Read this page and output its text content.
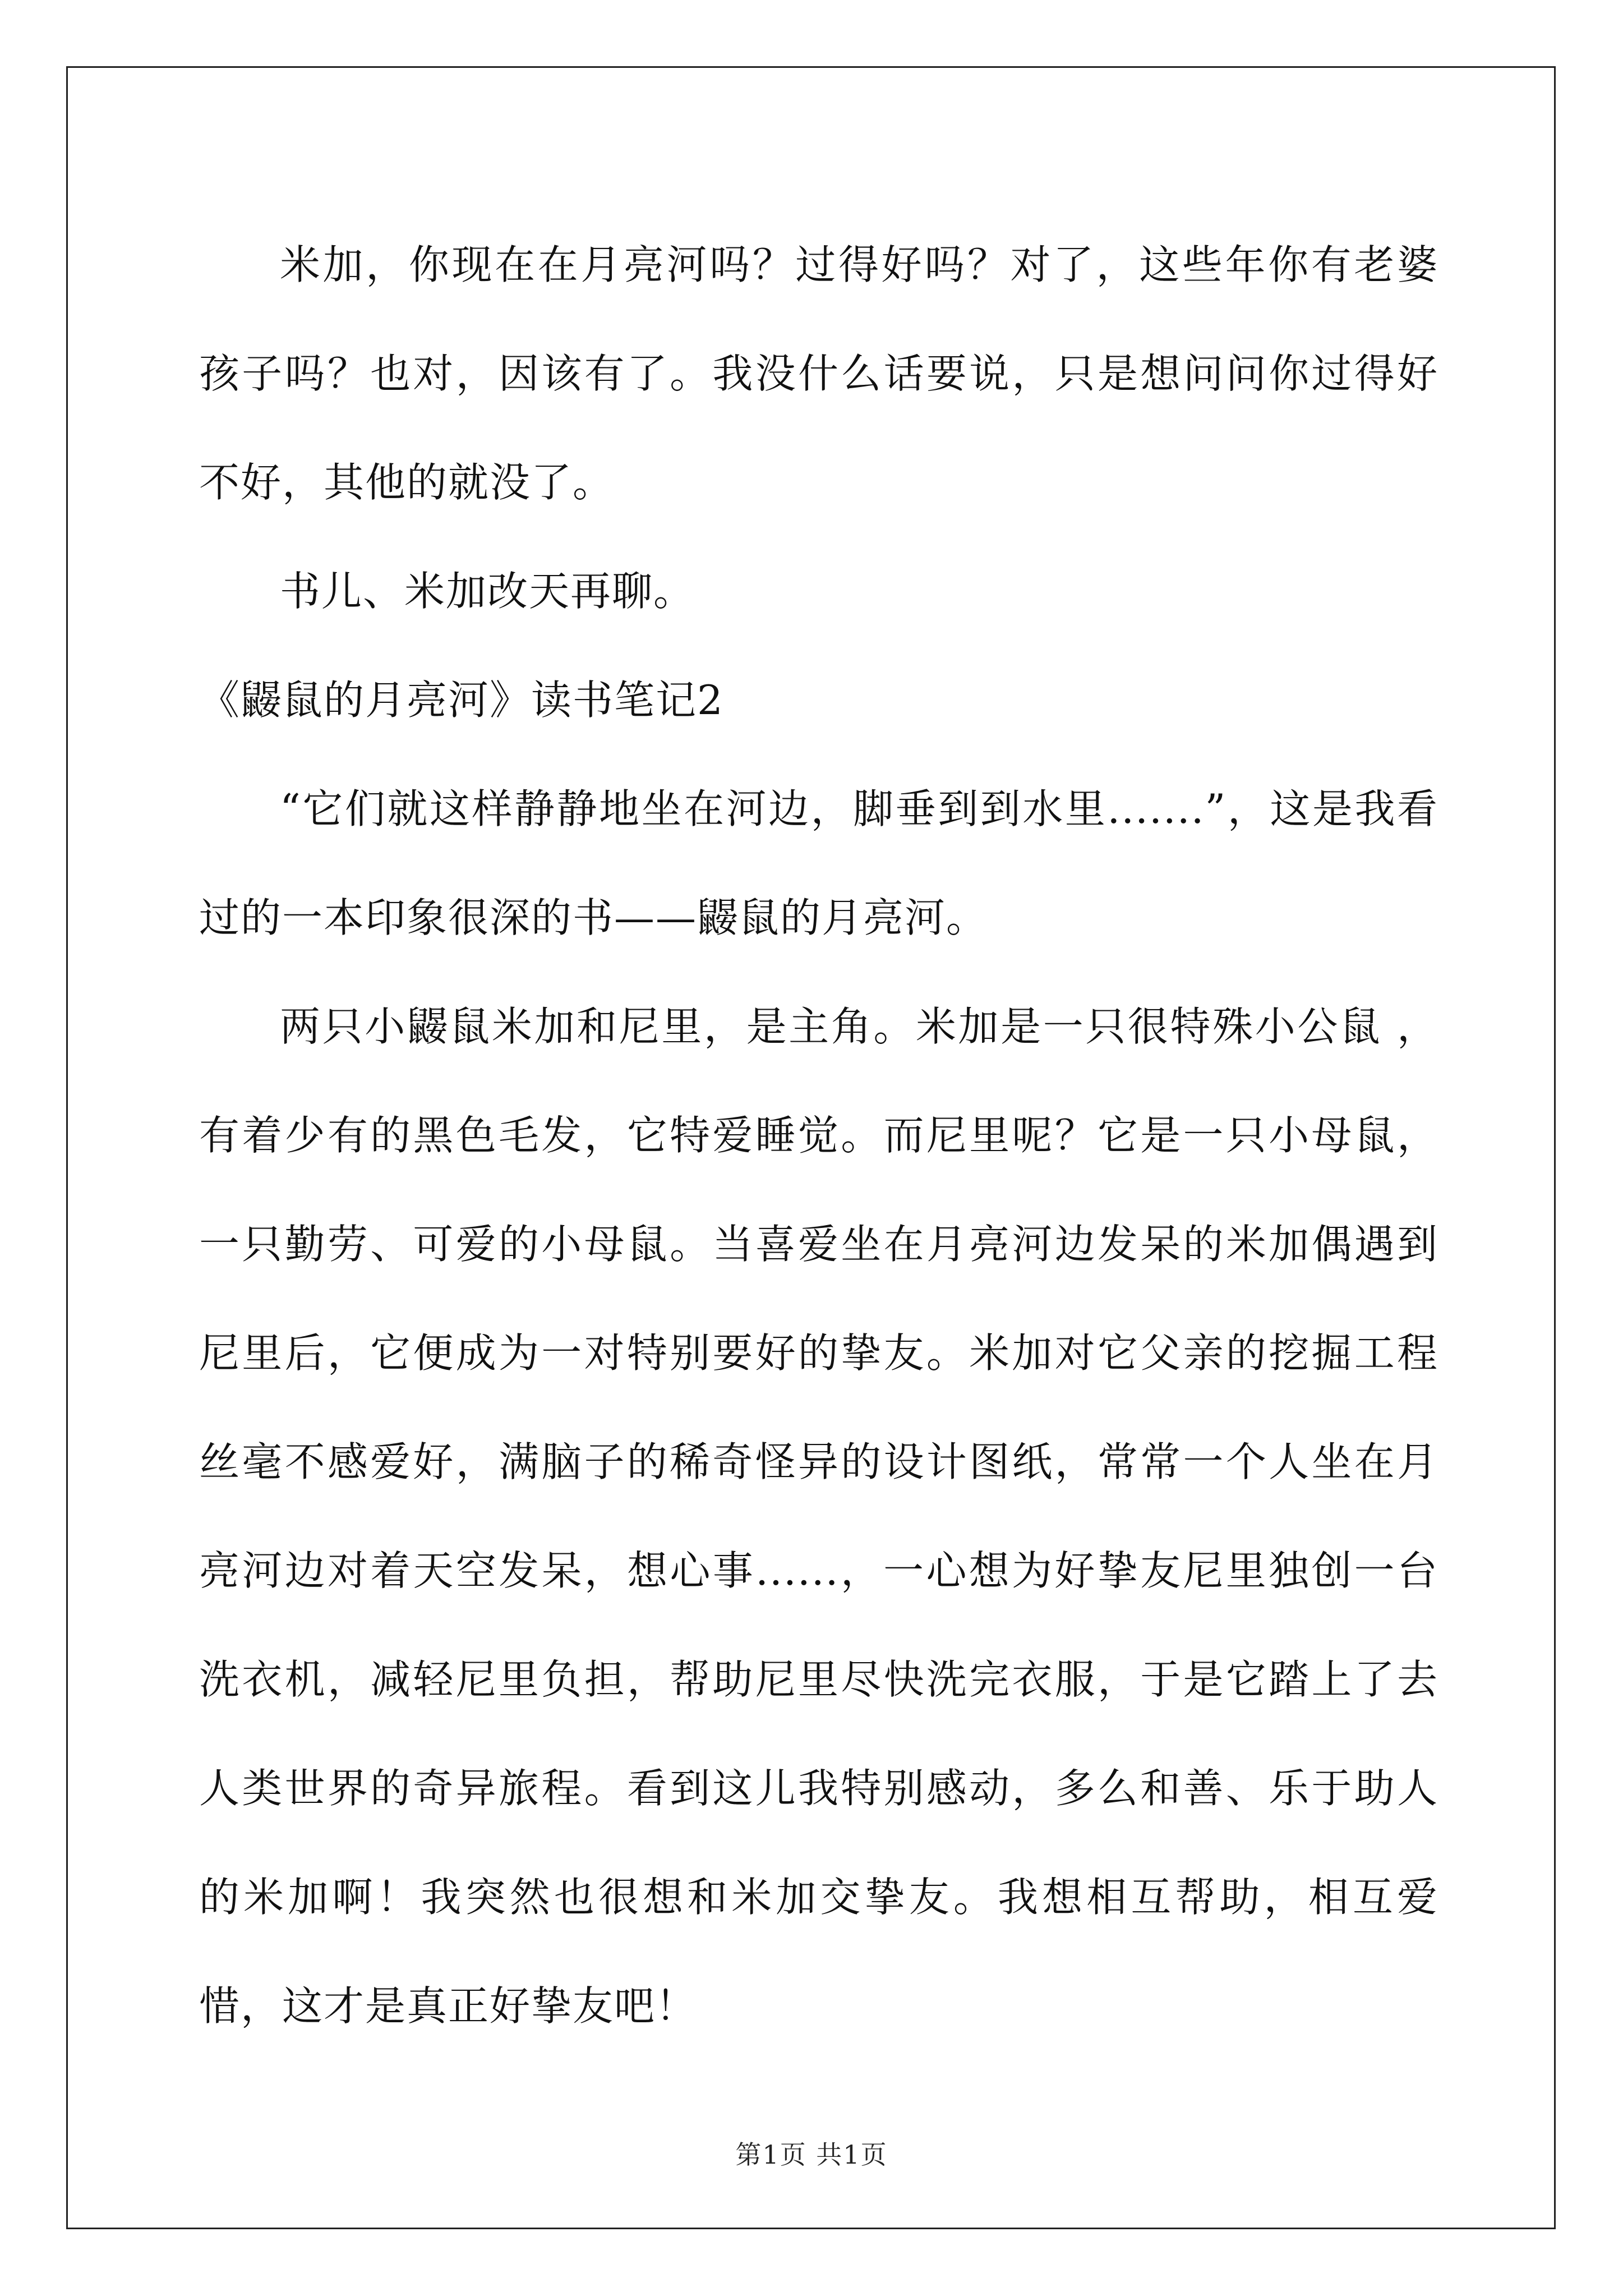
米加，你现在在月亮河吗？过得好吗？对了，这些年你有老婆孩子吗？也对，因该有了。我没什么话要说，只是想问问你过得好不好，其他的就没了。

书儿、米加改天再聊。

《鼹鼠的月亮河》读书笔记2

“它们就这样静静地坐在河边，脚垂到到水里.......”，这是我看过的一本印象很深的书——鼹鼠的月亮河。

两只小鼹鼠米加和尼里，是主角。米加是一只很特殊小公鼠 ，有着少有的黑色毛发，它特爱睡觉。而尼里呢？它是一只小母鼠，一只勤劳、可爱的小母鼠。当喜爱坐在月亮河边发呆的米加偶遇到尼里后，它便成为一对特别要好的挚友。米加对它父亲的挖掘工程丝毫不感爱好，满脑子的稀奇怪异的设计图纸，常常一个人坐在月亮河边对着天空发呆，想心事......，一心想为好挚友尼里独创一台洗衣机，减轻尼里负担，帮助尼里尽快洗完衣服，于是它踏上了去人类世界的奇异旅程。看到这儿我特别感动，多么和善、乐于助人的米加啊！我突然也很想和米加交挚友。我想相互帮助，相互爱惜，这才是真正好挚友吧！

第1页 共1页
